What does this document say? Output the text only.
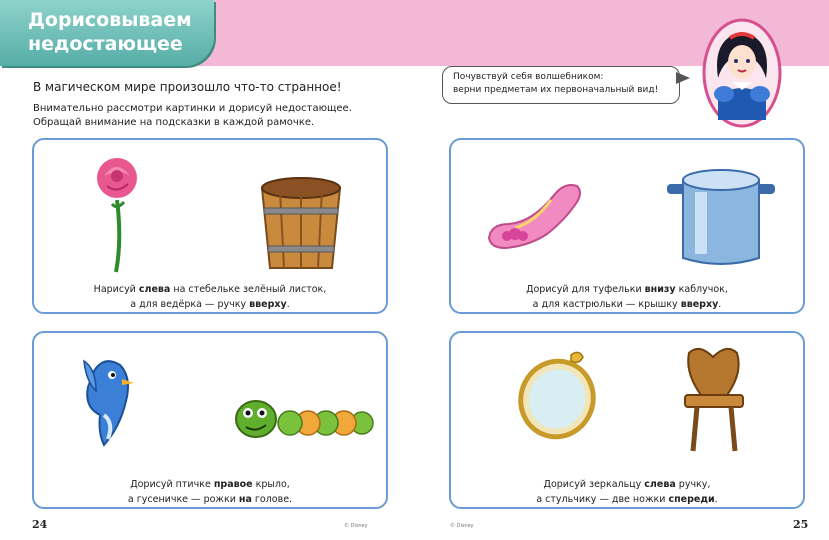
Дорисовываем
недостающее
В магическом мире произошло что-то странное!
Внимательно рассмотри картинки и дорисуй недостающее.
Обращай внимание на подсказки в каждой рамочке.
Почувствуй себя волшебником:
верни предметам их первоначальный вид!
Нарисуй слева на стебельке зелёный листок,
а для ведёрка — ручку вверху.
Дорисуй для туфельки внизу каблучок,
а для кастрюльки — крышку вверху.
Дорисуй птичке правое крыло,
а гусеничке — рожки на голове.
Дорисуй зеркальцу слева ручку,
а стульчику — две ножки спереди.
24	25
© Disney	© Disney
